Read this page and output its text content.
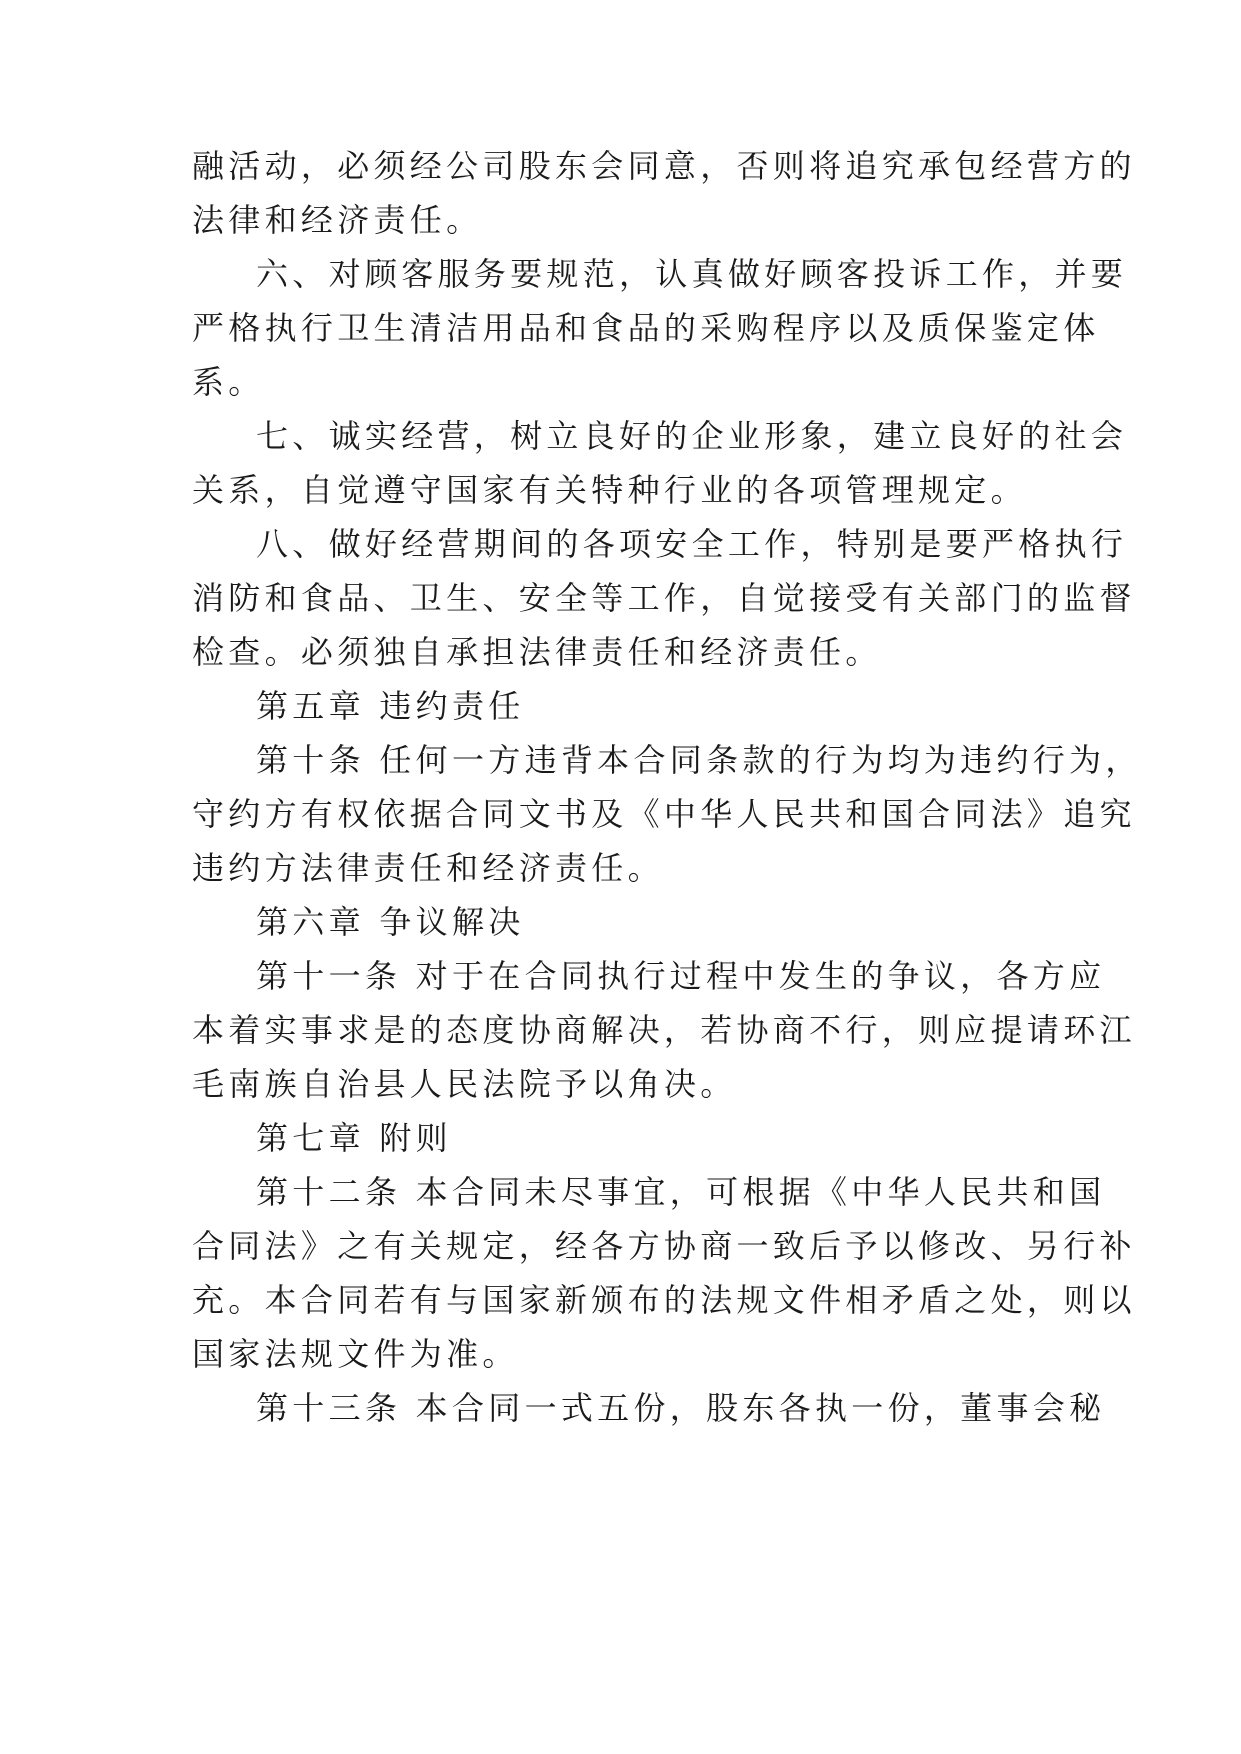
融活动，必须经公司股东会同意，否则将追究承包经营方的
法律和经济责任。
六、对顾客服务要规范，认真做好顾客投诉工作，并要
严格执行卫生清洁用品和食品的采购程序以及质保鉴定体
系。
七、诚实经营，树立良好的企业形象，建立良好的社会
关系，自觉遵守国家有关特种行业的各项管理规定。
八、做好经营期间的各项安全工作，特别是要严格执行
消防和食品、卫生、安全等工作，自觉接受有关部门的监督
检查。必须独自承担法律责任和经济责任。
第五章 违约责任
第十条 任何一方违背本合同条款的行为均为违约行为，
守约方有权依据合同文书及《中华人民共和国合同法》追究
违约方法律责任和经济责任。
第六章 争议解决
第十一条 对于在合同执行过程中发生的争议，各方应
本着实事求是的态度协商解决，若协商不行，则应提请环江
毛南族自治县人民法院予以角决。
第七章 附则
第十二条 本合同未尽事宜，可根据《中华人民共和国
合同法》之有关规定，经各方协商一致后予以修改、另行补
充。本合同若有与国家新颁布的法规文件相矛盾之处，则以
国家法规文件为准。
第十三条 本合同一式五份，股东各执一份，董事会秘
